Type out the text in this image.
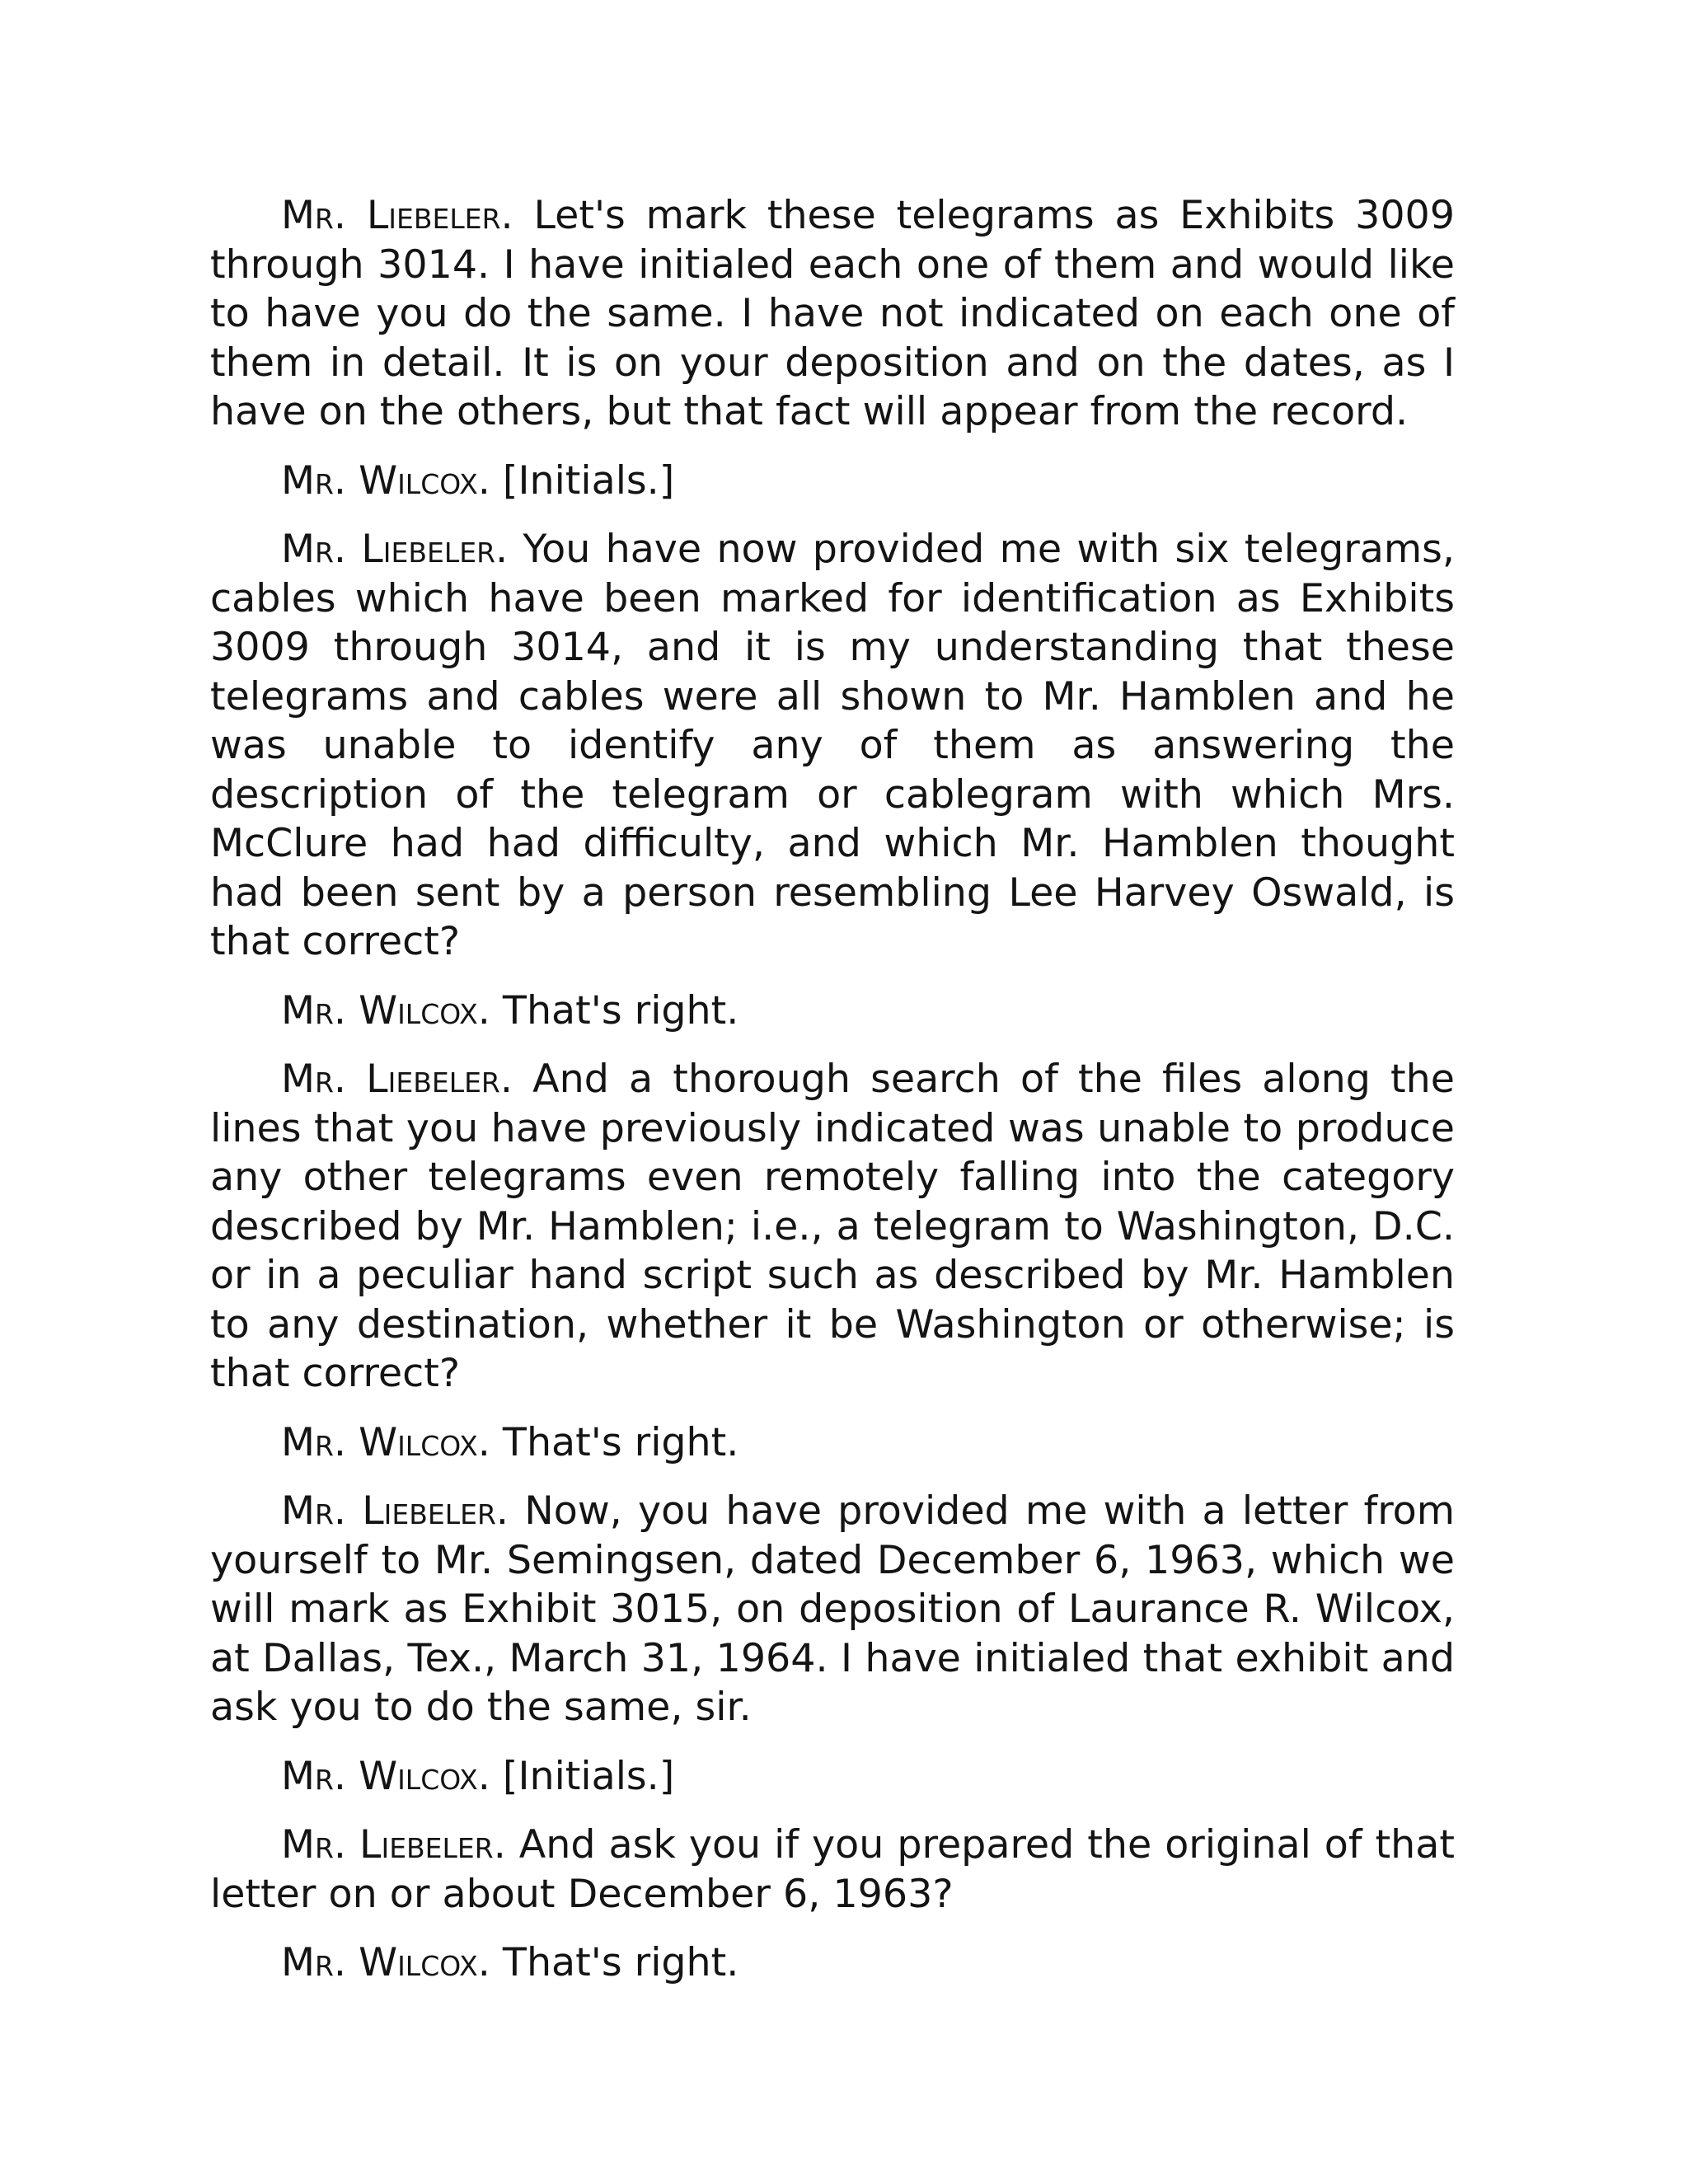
Mr. Liebeler. Let's mark these telegrams as Exhibits 3009 through 3014. I have initialed each one of them and would like to have you do the same. I have not indicated on each one of them in detail. It is on your deposition and on the dates, as I have on the others, but that fact will appear from the record.

Mr. Wilcox. [Initials.]

Mr. Liebeler. You have now provided me with six telegrams, cables which have been marked for identification as Exhibits 3009 through 3014, and it is my understanding that these telegrams and cables were all shown to Mr. Hamblen and he was unable to identify any of them as answering the description of the telegram or cablegram with which Mrs. McClure had had difficulty, and which Mr. Hamblen thought had been sent by a person resembling Lee Harvey Oswald, is that correct?

Mr. Wilcox. That's right.

Mr. Liebeler. And a thorough search of the files along the lines that you have previously indicated was unable to produce any other telegrams even remotely falling into the category described by Mr. Hamblen; i.e., a telegram to Washington, D.C. or in a peculiar hand script such as described by Mr. Hamblen to any destination, whether it be Washington or otherwise; is that correct?

Mr. Wilcox. That's right.

Mr. Liebeler. Now, you have provided me with a letter from yourself to Mr. Semingsen, dated December 6, 1963, which we will mark as Exhibit 3015, on deposition of Laurance R. Wilcox, at Dallas, Tex., March 31, 1964. I have initialed that exhibit and ask you to do the same, sir.

Mr. Wilcox. [Initials.]

Mr. Liebeler. And ask you if you prepared the original of that letter on or about December 6, 1963?

Mr. Wilcox. That's right.
